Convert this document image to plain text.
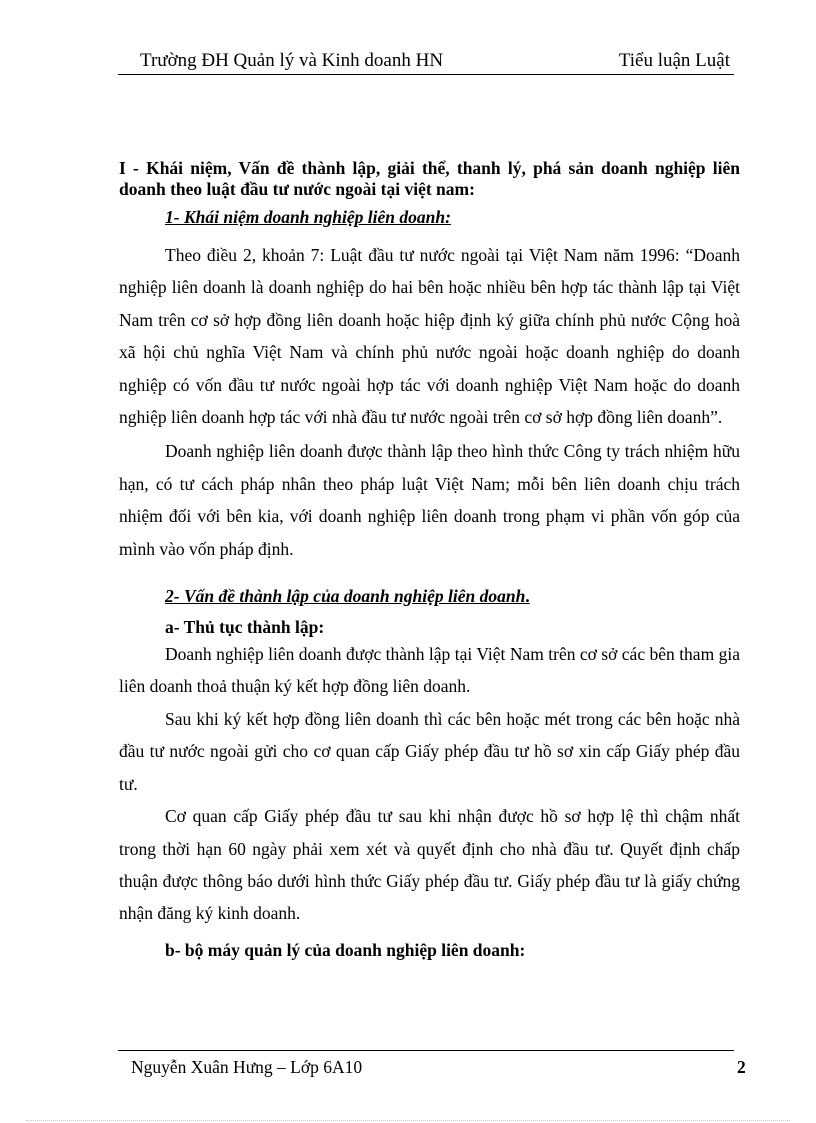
Trường ĐH Quản lý và Kinh doanh HN	Tiểu luận Luật

I - Khái niệm, Vấn đề thành lập, giải thể, thanh lý, phá sản doanh nghiệp liên doanh theo luật đầu tư nước ngoài tại việt nam:

1- Khái niệm doanh nghiệp liên doanh:

Theo điều 2, khoản 7: Luật đầu tư nước ngoài tại Việt Nam năm 1996: “Doanh nghiệp liên doanh là doanh nghiệp do hai bên hoặc nhiều bên hợp tác thành lập tại Việt Nam trên cơ sở hợp đồng liên doanh hoặc hiệp định ký giữa chính phủ nước Cộng hoà xã hội chủ nghĩa Việt Nam và chính phủ nước ngoài hoặc doanh nghiệp do doanh nghiệp có vốn đầu tư nước ngoài hợp tác với doanh nghiệp Việt Nam hoặc do doanh nghiệp liên doanh hợp tác với nhà đầu tư nước ngoài trên cơ sở hợp đồng liên doanh”.

Doanh nghiệp liên doanh được thành lập theo hình thức Công ty trách nhiệm hữu hạn, có tư cách pháp nhân theo pháp luật Việt Nam; mỗi bên liên doanh chịu trách nhiệm đối với bên kia, với doanh nghiệp liên doanh trong phạm vi phần vốn góp của mình vào vốn pháp định.

2- Vấn đề thành lập của doanh nghiệp liên doanh.
a- Thủ tục thành lập:

Doanh nghiệp liên doanh được thành lập tại Việt Nam trên cơ sở các bên tham gia liên doanh thoả thuận ký kết hợp đồng liên doanh.

Sau khi ký kết hợp đồng liên doanh thì các bên hoặc mét trong các bên hoặc nhà đầu tư nước ngoài gửi cho cơ quan cấp Giấy phép đầu tư hồ sơ xin cấp Giấy phép đầu tư.

Cơ quan cấp Giấy phép đầu tư sau khi nhận được hồ sơ hợp lệ thì chậm nhất trong thời hạn 60 ngày phải xem xét và quyết định cho nhà đầu tư. Quyết định chấp thuận được thông báo dưới hình thức Giấy phép đầu tư. Giấy phép đầu tư là giấy chứng nhận đăng ký kinh doanh.

b- bộ máy quản lý của doanh nghiệp liên doanh:
Nguyễn Xuân Hưng – Lớp 6A10	2
